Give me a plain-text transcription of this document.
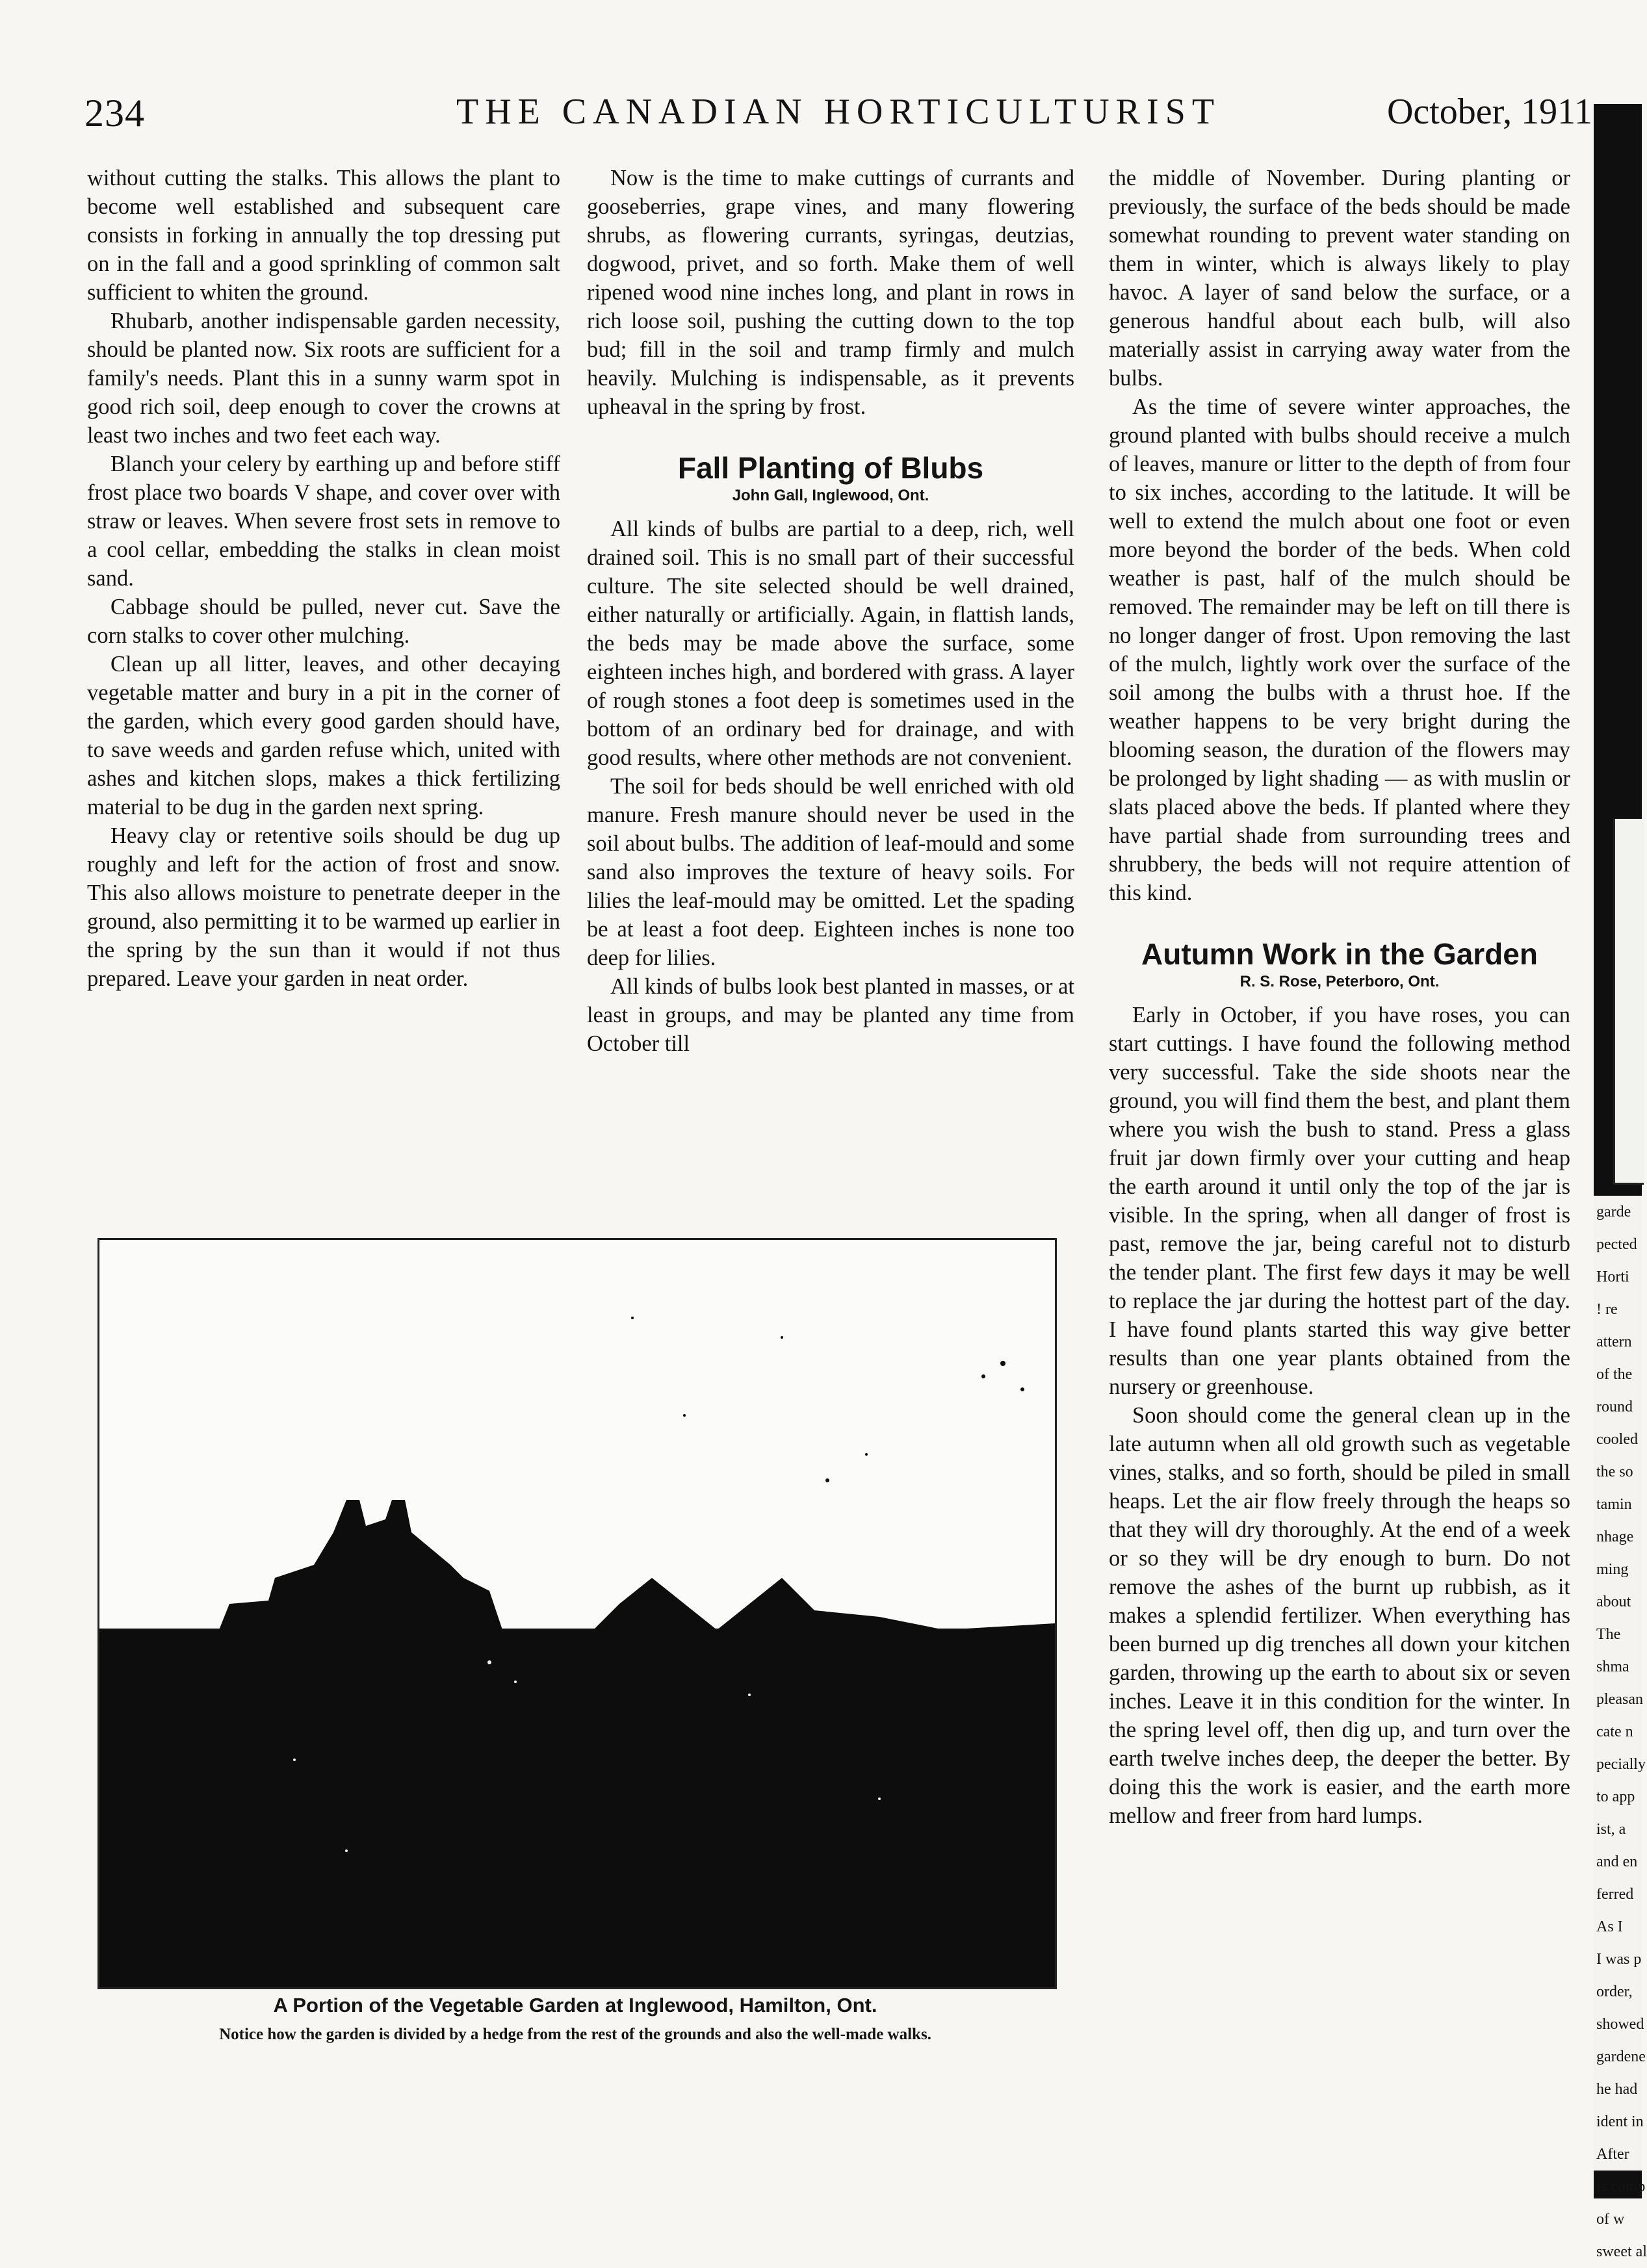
234	THE CANADIAN HORTICULTURIST	October, 1911

without cutting the stalks. This allows the plant to become well established and subsequent care consists in forking in annually the top dressing put on in the fall and a good sprinkling of common salt sufficient to whiten the ground.

Rhubarb, another indispensable garden necessity, should be planted now. Six roots are sufficient for a family's needs. Plant this in a sunny warm spot in good rich soil, deep enough to cover the crowns at least two inches and two feet each way.

Blanch your celery by earthing up and before stiff frost place two boards V shape, and cover over with straw or leaves. When severe frost sets in remove to a cool cellar, embedding the stalks in clean moist sand.

Cabbage should be pulled, never cut. Save the corn stalks to cover other mulching.

Clean up all litter, leaves, and other decaying vegetable matter and bury in a pit in the corner of the garden, which every good garden should have, to save weeds and garden refuse which, united with ashes and kitchen slops, makes a thick fertilizing material to be dug in the garden next spring.

Heavy clay or retentive soils should be dug up roughly and left for the action of frost and snow. This also allows moisture to penetrate deeper in the ground, also permitting it to be warmed up earlier in the spring by the sun than it would if not thus prepared. Leave your garden in neat order.

Now is the time to make cuttings of currants and gooseberries, grape vines, and many flowering shrubs, as flowering currants, syringas, deutzias, dogwood, privet, and so forth. Make them of well ripened wood nine inches long, and plant in rows in rich loose soil, pushing the cutting down to the top bud; fill in the soil and tramp firmly and mulch heavily. Mulching is indispensable, as it prevents upheaval in the spring by frost.

Fall Planting of Blubs
John Gall, Inglewood, Ont.

All kinds of bulbs are partial to a deep, rich, well drained soil. This is no small part of their successful culture. The site selected should be well drained, either naturally or artificially. Again, in flattish lands, the beds may be made above the surface, some eighteen inches high, and bordered with grass. A layer of rough stones a foot deep is sometimes used in the bottom of an ordinary bed for drainage, and with good results, where other methods are not convenient.

The soil for beds should be well enriched with old manure. Fresh manure should never be used in the soil about bulbs. The addition of leaf-mould and some sand also improves the texture of heavy soils. For lilies the leaf-mould may be omitted. Let the spading be at least a foot deep. Eighteen inches is none too deep for lilies.

All kinds of bulbs look best planted in masses, or at least in groups, and may be planted any time from October till

the middle of November. During planting or previously, the surface of the beds should be made somewhat rounding to prevent water standing on them in winter, which is always likely to play havoc. A layer of sand below the surface, or a generous handful about each bulb, will also materially assist in carrying away water from the bulbs.

As the time of severe winter approaches, the ground planted with bulbs should receive a mulch of leaves, manure or litter to the depth of from four to six inches, according to the latitude. It will be well to extend the mulch about one foot or even more beyond the border of the beds. When cold weather is past, half of the mulch should be removed. The remainder may be left on till there is no longer danger of frost. Upon removing the last of the mulch, lightly work over the surface of the soil among the bulbs with a thrust hoe. If the weather happens to be very bright during the blooming season, the duration of the flowers may be prolonged by light shading — as with muslin or slats placed above the beds. If planted where they have partial shade from surrounding trees and shrubbery, the beds will not require attention of this kind.

Autumn Work in the Garden
R. S. Rose, Peterboro, Ont.

Early in October, if you have roses, you can start cuttings. I have found the following method very successful. Take the side shoots near the ground, you will find them the best, and plant them where you wish the bush to stand. Press a glass fruit jar down firmly over your cutting and heap the earth around it until only the top of the jar is visible. In the spring, when all danger of frost is past, remove the jar, being careful not to disturb the tender plant. The first few days it may be well to replace the jar during the hottest part of the day. I have found plants started this way give better results than one year plants obtained from the nursery or greenhouse.

Soon should come the general clean up in the late autumn when all old growth such as vegetable vines, stalks, and so forth, should be piled in small heaps. Let the air flow freely through the heaps so that they will dry thoroughly. At the end of a week or so they will be dry enough to burn. Do not remove the ashes of the burnt up rubbish, as it makes a splendid fertilizer. When everything has been burned up dig trenches all down your kitchen garden, throwing up the earth to about six or seven inches. Leave it in this condition for the winter. In the spring level off, then dig up, and turn over the earth twelve inches deep, the deeper the better. By doing this the work is easier, and the earth more mellow and freer from hard lumps.

A Portion of the Vegetable Garden at Inglewood, Hamilton, Ont.
Notice how the garden is divided by a hedge from the rest of the grounds and also the well-made walks.
garde
pected
Horti
! re
attern
of the
round
cooled
the so
tamin
nhage
ming
about
The
shma
pleasan
cate n
pecially
to app
ist, a
and en
ferred
As I
I was p
order,
showed
gardene
he had
ident in
After
is comp
of w
sweet al
